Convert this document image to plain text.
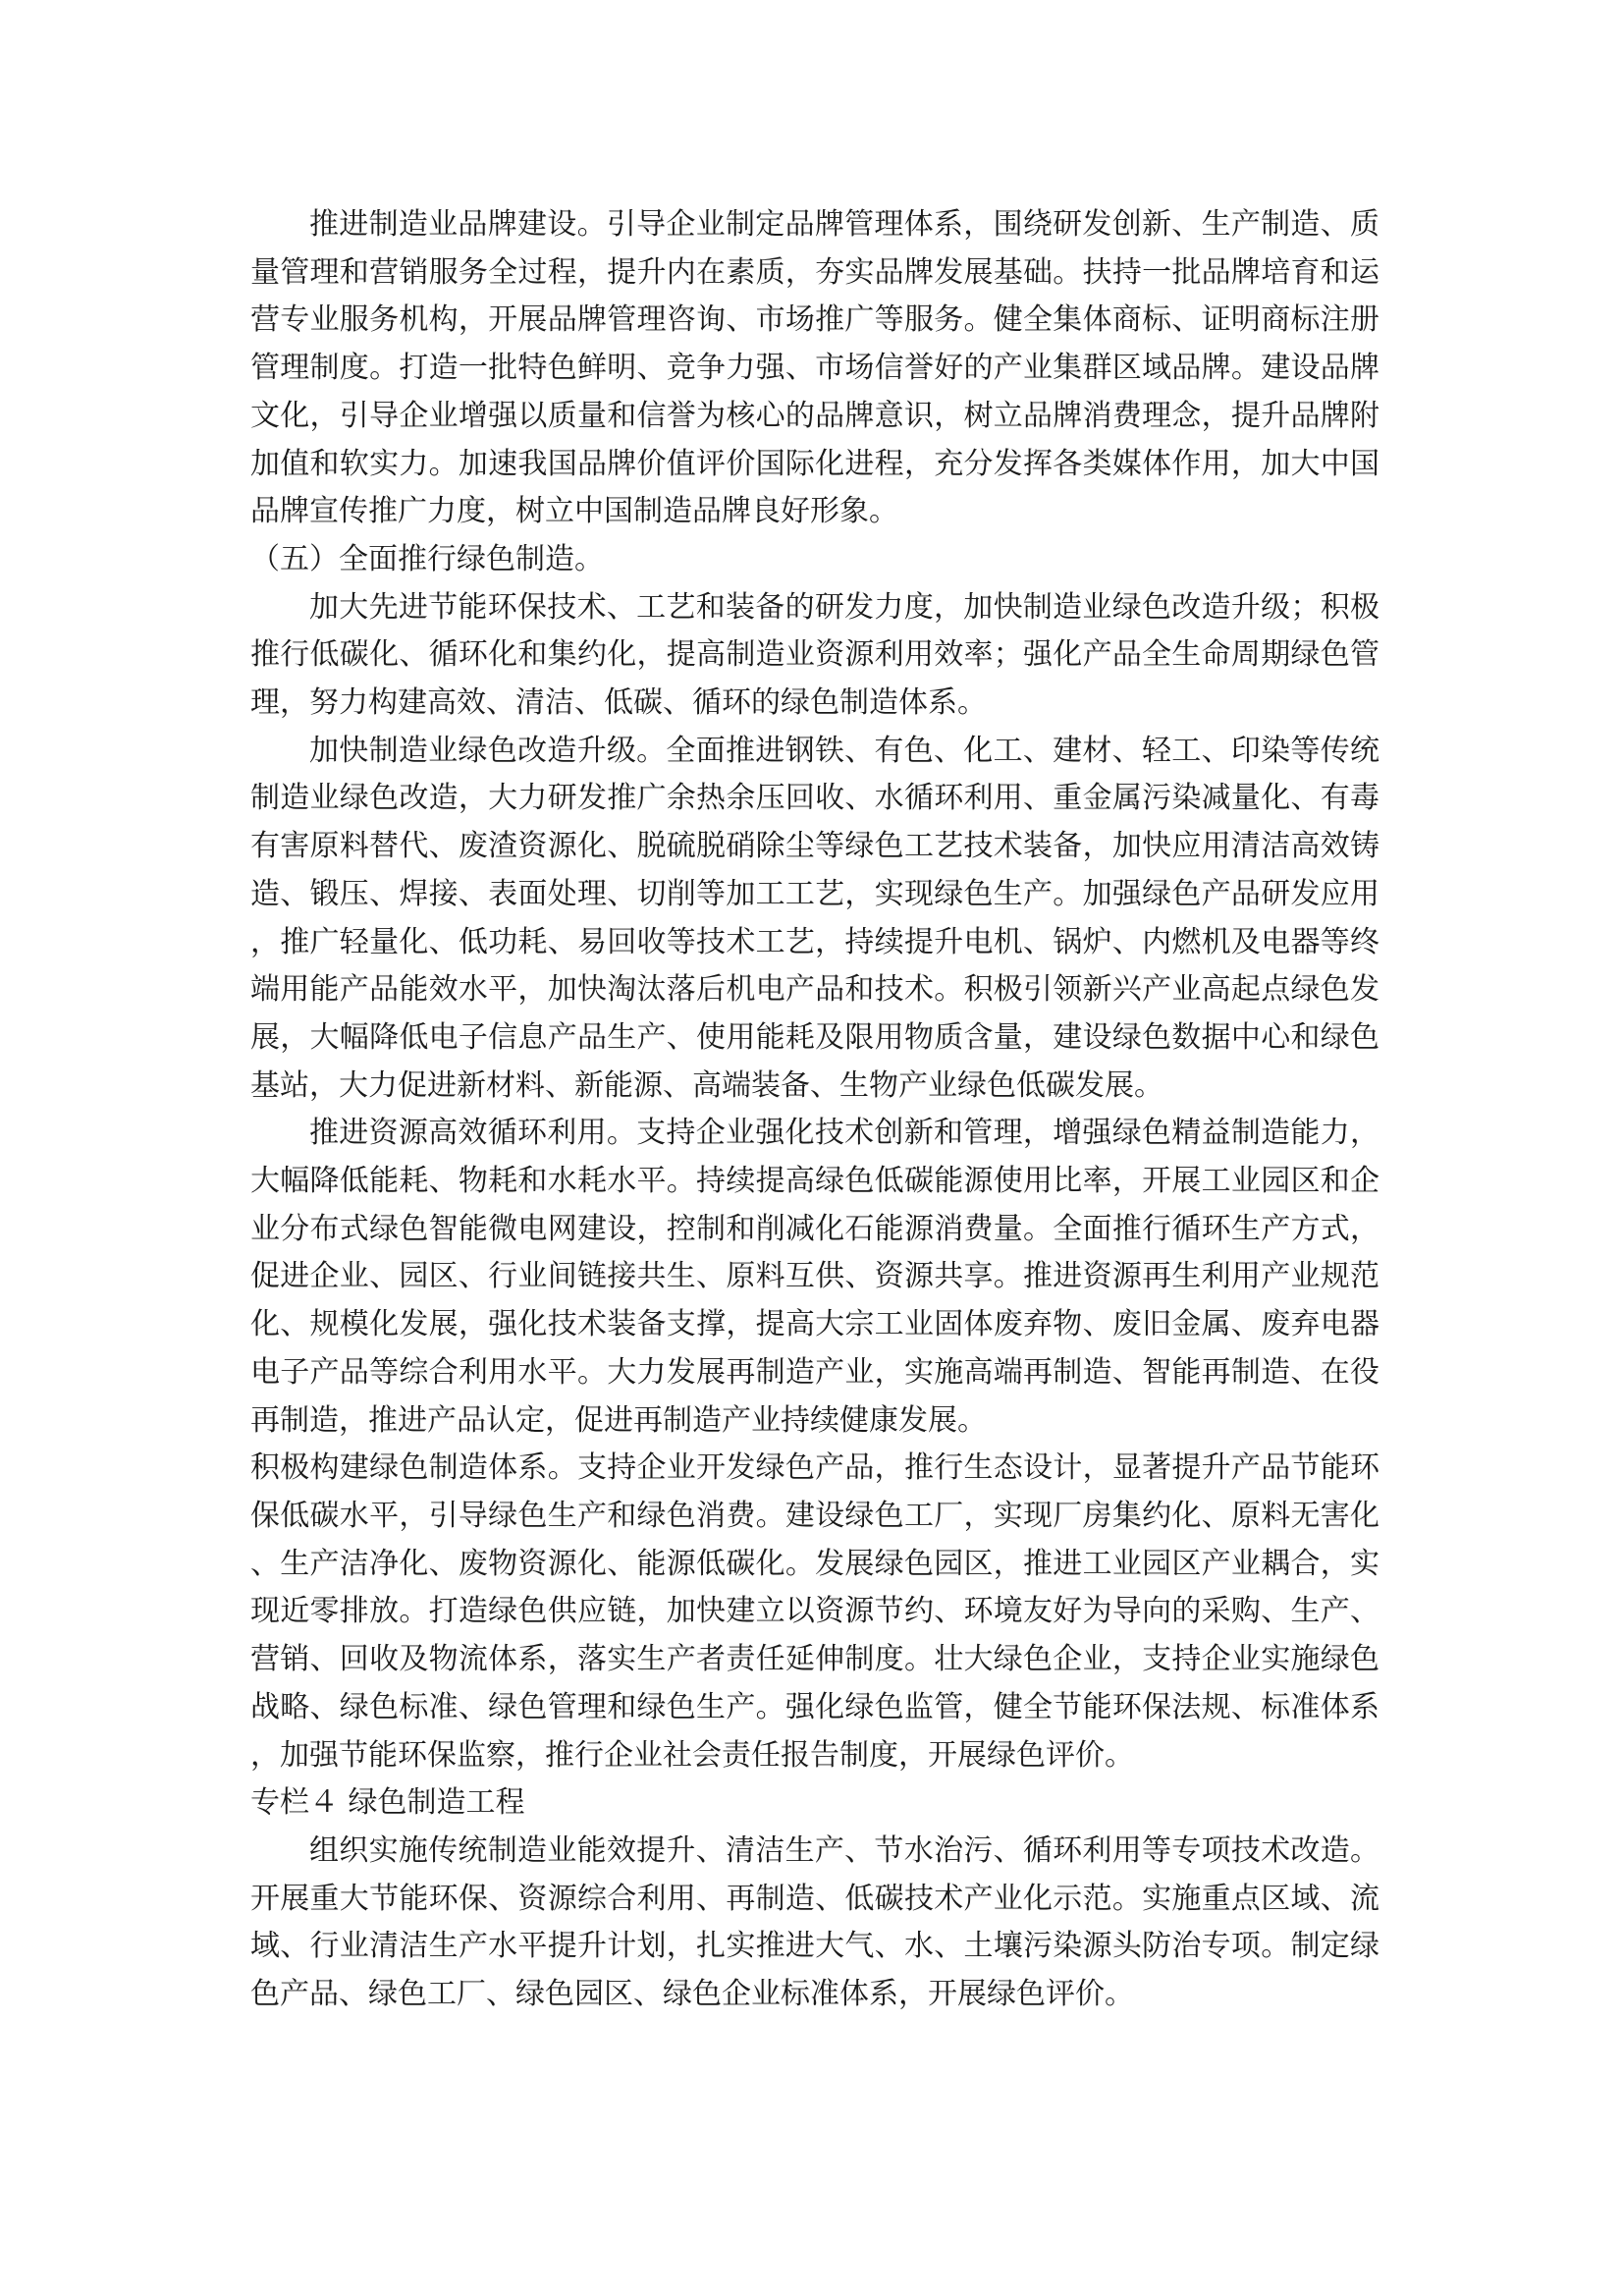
推进制造业品牌建设。引导企业制定品牌管理体系，围绕研发创新、生产制造、质量管理和营销服务全过程，提升内在素质，夯实品牌发展基础。扶持一批品牌培育和运营专业服务机构，开展品牌管理咨询、市场推广等服务。健全集体商标、证明商标注册管理制度。打造一批特色鲜明、竞争力强、市场信誉好的产业集群区域品牌。建设品牌文化，引导企业增强以质量和信誉为核心的品牌意识，树立品牌消费理念，提升品牌附加值和软实力。加速我国品牌价值评价国际化进程，充分发挥各类媒体作用，加大中国品牌宣传推广力度，树立中国制造品牌良好形象。

（五）全面推行绿色制造。

加大先进节能环保技术、工艺和装备的研发力度，加快制造业绿色改造升级；积极推行低碳化、循环化和集约化，提高制造业资源利用效率；强化产品全生命周期绿色管理，努力构建高效、清洁、低碳、循环的绿色制造体系。

加快制造业绿色改造升级。全面推进钢铁、有色、化工、建材、轻工、印染等传统制造业绿色改造，大力研发推广余热余压回收、水循环利用、重金属污染减量化、有毒有害原料替代、废渣资源化、脱硫脱硝除尘等绿色工艺技术装备，加快应用清洁高效铸造、锻压、焊接、表面处理、切削等加工工艺，实现绿色生产。加强绿色产品研发应用，推广轻量化、低功耗、易回收等技术工艺，持续提升电机、锅炉、内燃机及电器等终端用能产品能效水平，加快淘汰落后机电产品和技术。积极引领新兴产业高起点绿色发展，大幅降低电子信息产品生产、使用能耗及限用物质含量，建设绿色数据中心和绿色基站，大力促进新材料、新能源、高端装备、生物产业绿色低碳发展。

推进资源高效循环利用。支持企业强化技术创新和管理，增强绿色精益制造能力，大幅降低能耗、物耗和水耗水平。持续提高绿色低碳能源使用比率，开展工业园区和企业分布式绿色智能微电网建设，控制和削减化石能源消费量。全面推行循环生产方式，促进企业、园区、行业间链接共生、原料互供、资源共享。推进资源再生利用产业规范化、规模化发展，强化技术装备支撑，提高大宗工业固体废弃物、废旧金属、废弃电器电子产品等综合利用水平。大力发展再制造产业，实施高端再制造、智能再制造、在役再制造，推进产品认定，促进再制造产业持续健康发展。

积极构建绿色制造体系。支持企业开发绿色产品，推行生态设计，显著提升产品节能环保低碳水平，引导绿色生产和绿色消费。建设绿色工厂，实现厂房集约化、原料无害化、生产洁净化、废物资源化、能源低碳化。发展绿色园区，推进工业园区产业耦合，实现近零排放。打造绿色供应链，加快建立以资源节约、环境友好为导向的采购、生产、营销、回收及物流体系，落实生产者责任延伸制度。壮大绿色企业，支持企业实施绿色战略、绿色标准、绿色管理和绿色生产。强化绿色监管，健全节能环保法规、标准体系，加强节能环保监察，推行企业社会责任报告制度，开展绿色评价。

专栏４ 绿色制造工程

组织实施传统制造业能效提升、清洁生产、节水治污、循环利用等专项技术改造。开展重大节能环保、资源综合利用、再制造、低碳技术产业化示范。实施重点区域、流域、行业清洁生产水平提升计划，扎实推进大气、水、土壤污染源头防治专项。制定绿色产品、绿色工厂、绿色园区、绿色企业标准体系，开展绿色评价。
